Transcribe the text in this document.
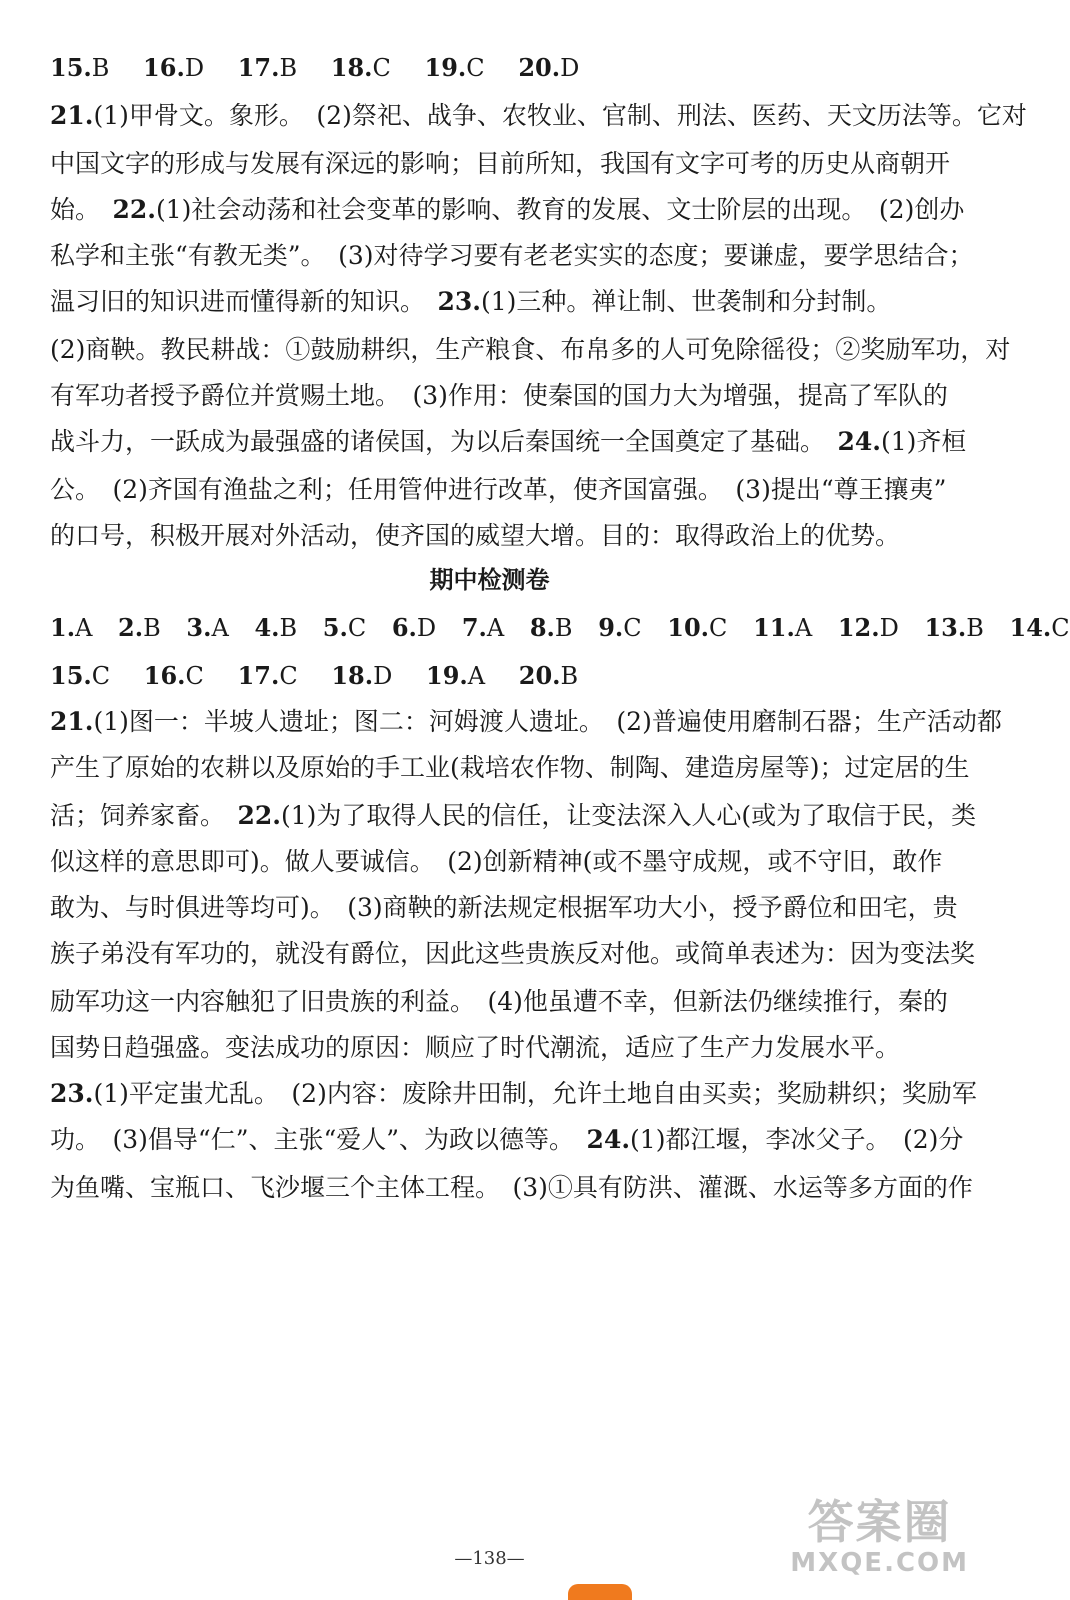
15.B 16.D 17.B 18.C 19.C 20.D
21.(1)甲骨文。象形。　(2)祭祀、战争、农牧业、官制、刑法、医药、天文历法等。它对
中国文字的形成与发展有深远的影响；目前所知，我国有文字可考的历史从商朝开
始。　22.(1)社会动荡和社会变革的影响、教育的发展、文士阶层的出现。　(2)创办
私学和主张“有教无类”。　(3)对待学习要有老老实实的态度；要谦虚，要学思结合；
温习旧的知识进而懂得新的知识。　23.(1)三种。禅让制、世袭制和分封制。
(2)商鞅。教民耕战：①鼓励耕织，生产粮食、布帛多的人可免除徭役；②奖励军功，对
有军功者授予爵位并赏赐土地。　(3)作用：使秦国的国力大为增强，提高了军队的
战斗力，一跃成为最强盛的诸侯国，为以后秦国统一全国奠定了基础。　24.(1)齐桓
公。　(2)齐国有渔盐之利；任用管仲进行改革，使齐国富强。　(3)提出“尊王攘夷”
的口号，积极开展对外活动，使齐国的威望大增。目的：取得政治上的优势。
期中检测卷
1.A 2.B 3.A 4.B 5.C 6.D 7.A 8.B 9.C 10.C 11.A 12.D 13.B 14.C
15.C 16.C 17.C 18.D 19.A 20.B
21.(1)图一：半坡人遗址；图二：河姆渡人遗址。　(2)普遍使用磨制石器；生产活动都
产生了原始的农耕以及原始的手工业(栽培农作物、制陶、建造房屋等)；过定居的生
活；饲养家畜。　22.(1)为了取得人民的信任，让变法深入人心(或为了取信于民，类
似这样的意思即可)。做人要诚信。　(2)创新精神(或不墨守成规，或不守旧，敢作
敢为、与时俱进等均可)。　(3)商鞅的新法规定根据军功大小，授予爵位和田宅，贵
族子弟没有军功的，就没有爵位，因此这些贵族反对他。或简单表述为：因为变法奖
励军功这一内容触犯了旧贵族的利益。　(4)他虽遭不幸，但新法仍继续推行，秦的
国势日趋强盛。变法成功的原因：顺应了时代潮流，适应了生产力发展水平。
23.(1)平定蚩尤乱。　(2)内容：废除井田制，允许土地自由买卖；奖励耕织；奖励军
功。　(3)倡导“仁”、主张“爱人”、为政以德等。　24.(1)都江堰，李冰父子。　(2)分
为鱼嘴、宝瓶口、飞沙堰三个主体工程。　(3)①具有防洪、灌溉、水运等多方面的作
—138—
答案圈
MXQE.COM
